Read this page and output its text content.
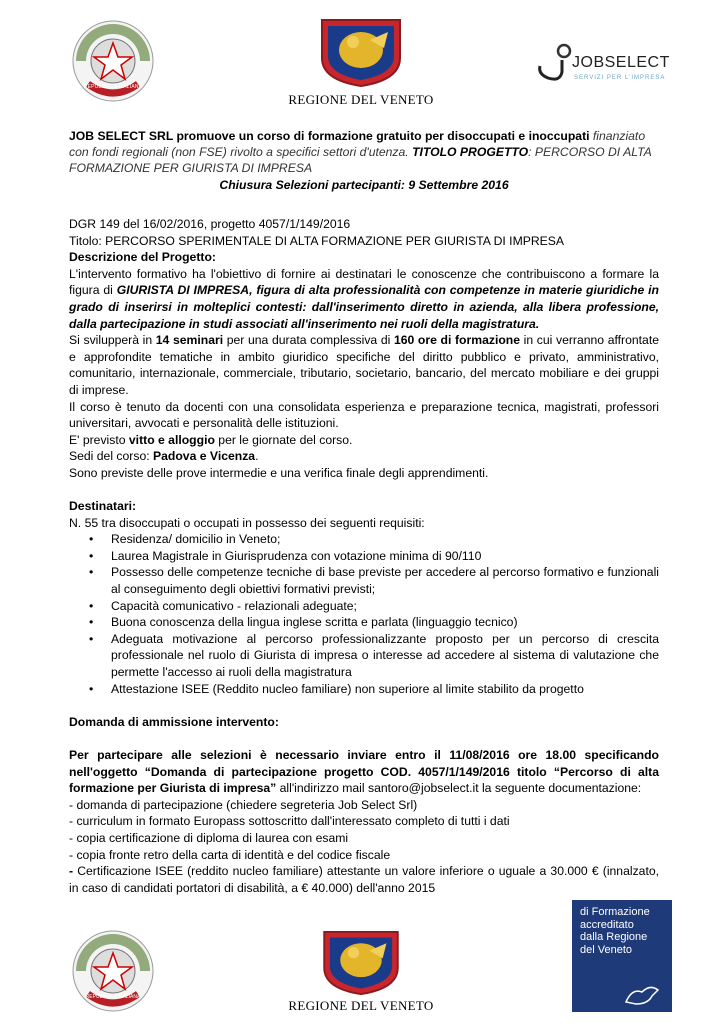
REPUBBLICA ITALIANA
REGIONE DEL VENETO
JOBSELECT
SERVIZI PER L'IMPRESA

JOB SELECT SRL promuove un corso di formazione gratuito per disoccupati e inoccupati finanziato con fondi regionali (non FSE) rivolto a specifici settori d'utenza. TITOLO PROGETTO: PERCORSO DI ALTA FORMAZIONE PER GIURISTA DI IMPRESA

Chiusura Selezioni partecipanti: 9 Settembre 2016

DGR 149 del 16/02/2016, progetto 4057/1/149/2016

Titolo: PERCORSO SPERIMENTALE DI ALTA FORMAZIONE PER GIURISTA DI IMPRESA

Descrizione del Progetto:

L'intervento formativo ha l'obiettivo di fornire ai destinatari le conoscenze che contribuiscono a formare la figura di GIURISTA DI IMPRESA, figura di alta professionalità con competenze in materie giuridiche in grado di inserirsi in molteplici contesti: dall'inserimento diretto in azienda, alla libera professione, dalla partecipazione in studi associati all'inserimento nei ruoli della magistratura.

Si svilupperà in 14 seminari per una durata complessiva di 160 ore di formazione in cui verranno affrontate e approfondite tematiche in ambito giuridico specifiche del diritto pubblico e privato, amministrativo, comunitario, internazionale, commerciale, tributario, societario, bancario, del mercato mobiliare e dei gruppi di imprese.

Il corso è tenuto da docenti con una consolidata esperienza e preparazione tecnica, magistrati, professori universitari, avvocati e personalità delle istituzioni.

E' previsto vitto e alloggio per le giornate del corso.

Sedi del corso: Padova e Vicenza.

Sono previste delle prove intermedie e una verifica finale degli apprendimenti.

Destinatari:

N. 55 tra disoccupati o occupati in possesso dei seguenti requisiti:

• Residenza/ domicilio in Veneto;
• Laurea Magistrale in Giurisprudenza con votazione minima di 90/110
• Possesso delle competenze tecniche di base previste per accedere al percorso formativo e funzionali al conseguimento degli obiettivi formativi previsti;
• Capacità comunicativo - relazionali adeguate;
• Buona conoscenza della lingua inglese scritta e parlata (linguaggio tecnico)
• Adeguata motivazione al percorso professionalizzante proposto per un percorso di crescita professionale nel ruolo di Giurista di impresa o interesse ad accedere al sistema di valutazione che permette l'accesso ai ruoli della magistratura
• Attestazione ISEE (Reddito nucleo familiare) non superiore al limite stabilito da progetto

Domanda di ammissione intervento:

Per partecipare alle selezioni è necessario inviare entro il 11/08/2016 ore 18.00 specificando nell'oggetto “Domanda di partecipazione progetto COD. 4057/1/149/2016 titolo “Percorso di alta formazione per Giurista di impresa” all'indirizzo mail santoro@jobselect.it la seguente documentazione:

- domanda di partecipazione (chiedere segreteria Job Select Srl)

- curriculum in formato Europass sottoscritto dall'interessato completo di tutti i dati

- copia certificazione di diploma di laurea con esami

- copia fronte retro della carta di identità e del codice fiscale

- Certificazione ISEE (reddito nucleo familiare) attestante un valore inferiore o uguale a 30.000 € (innalzato, in caso di candidati portatori di disabilità, a € 40.000) dell'anno 2015

REPUBBLICA ITALIANA
REGIONE DEL VENETO
di Formazione
accreditato
dalla Regione
del Veneto
